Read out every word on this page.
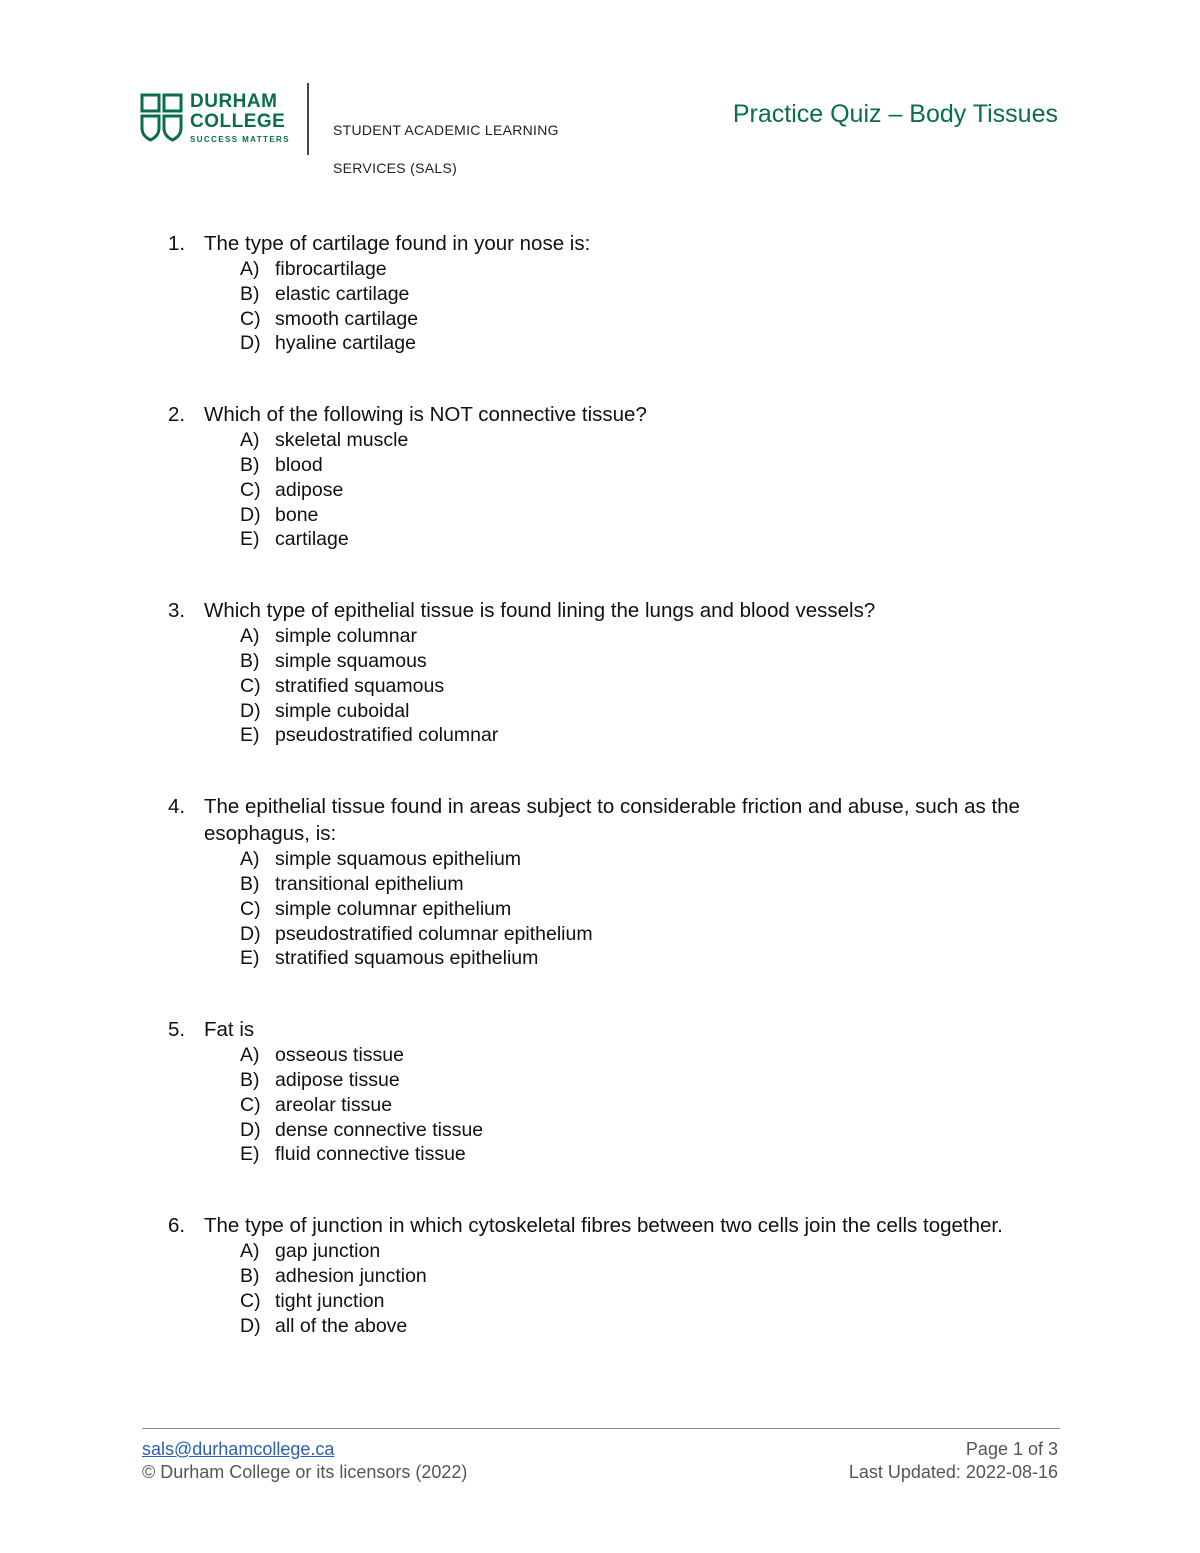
DURHAM
COLLEGE
SUCCESS MATTERS

STUDENT ACADEMIC LEARNING

SERVICES (SALS)

Practice Quiz – Body Tissues
1. The type of cartilage found in your nose is:
A) fibrocartilage
B) elastic cartilage
C) smooth cartilage
D) hyaline cartilage
2. Which of the following is NOT connective tissue?
A) skeletal muscle
B) blood
C) adipose
D) bone
E) cartilage
3. Which type of epithelial tissue is found lining the lungs and blood vessels?
A) simple columnar
B) simple squamous
C) stratified squamous
D) simple cuboidal
E) pseudostratified columnar
4. The epithelial tissue found in areas subject to considerable friction and abuse, such as the esophagus, is:
A) simple squamous epithelium
B) transitional epithelium
C) simple columnar epithelium
D) pseudostratified columnar epithelium
E) stratified squamous epithelium
5. Fat is
A) osseous tissue
B) adipose tissue
C) areolar tissue
D) dense connective tissue
E) fluid connective tissue
6. The type of junction in which cytoskeletal fibres between two cells join the cells together.
A) gap junction
B) adhesion junction
C) tight junction
D) all of the above
sals@durhamcollege.ca
© Durham College or its licensors (2022)
Page 1 of 3
Last Updated: 2022-08-16
